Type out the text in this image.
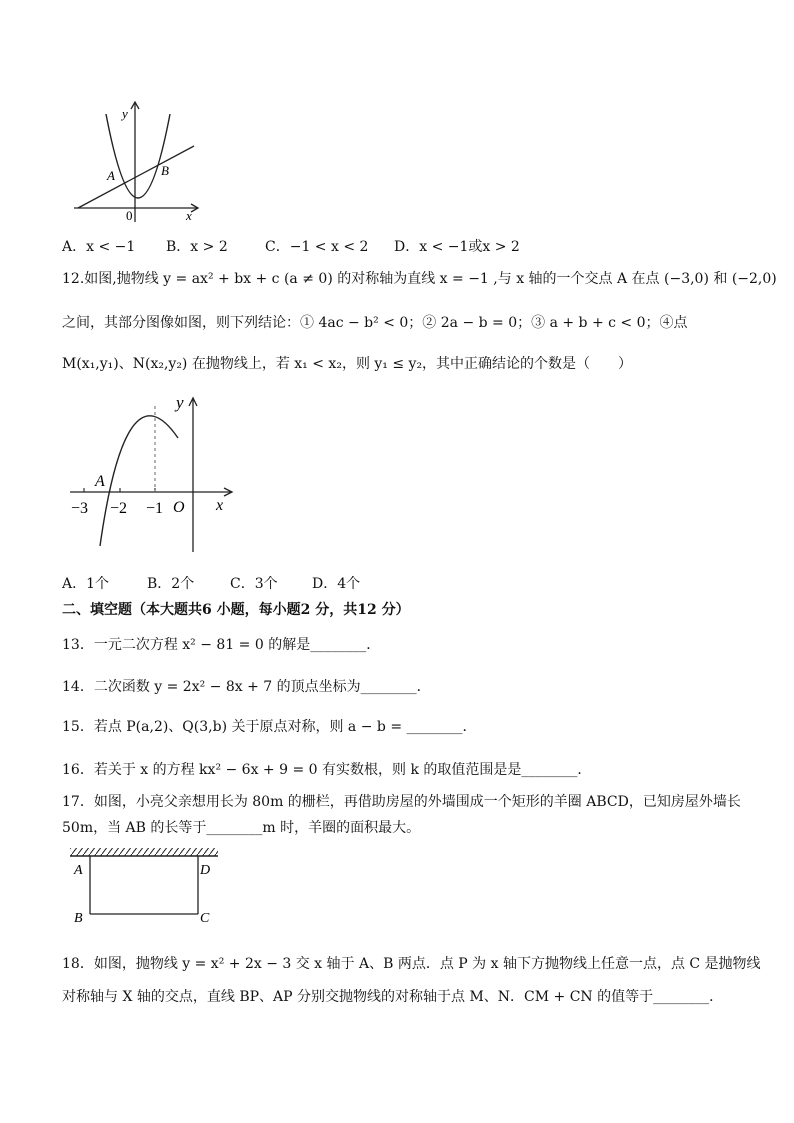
y
x
0
A	B
A．x < −1 B．x > 2	C．−1 < x < 2 D．x < −1或x > 2
12.如图,抛物线 y = ax² + bx + c (a ≠ 0) 的对称轴为直线 x = −1 ,与 x 轴的一个交点 A 在点 (−3,0) 和 (−2,0)
之间，其部分图像如图，则下列结论：① 4ac − b² < 0；② 2a − b = 0；③ a + b + c < 0；④点
M(x₁,y₁)、N(x₂,y₂) 在抛物线上，若 x₁ < x₂，则 y₁ ≤ y₂，其中正确结论的个数是（　　）
y
x
O
A
−3 −2 −1
A．1个	B．2个	C．3个 D．4个
二、填空题（本大题共6 小题，每小题2 分，共12 分）
13．一元二次方程 x² − 81 = 0 的解是________．
14．二次函数 y = 2x² − 8x + 7 的顶点坐标为________．
15．若点 P(a,2)、Q(3,b) 关于原点对称，则 a − b = ________．
16．若关于 x 的方程 kx² − 6x + 9 = 0 有实数根，则 k 的取值范围是是________．
17．如图，小亮父亲想用长为 80m 的栅栏，再借助房屋的外墙围成一个矩形的羊圈 ABCD，已知房屋外墙长
50m，当 AB 的长等于________m 时，羊圈的面积最大。
A
B	C
D
18．如图，抛物线 y = x² + 2x − 3 交 x 轴于 A、B 两点．点 P 为 x 轴下方抛物线上任意一点，点 C 是抛物线
对称轴与 X 轴的交点，直线 BP、AP 分别交抛物线的对称轴于点 M、N．CM + CN 的值等于________．
